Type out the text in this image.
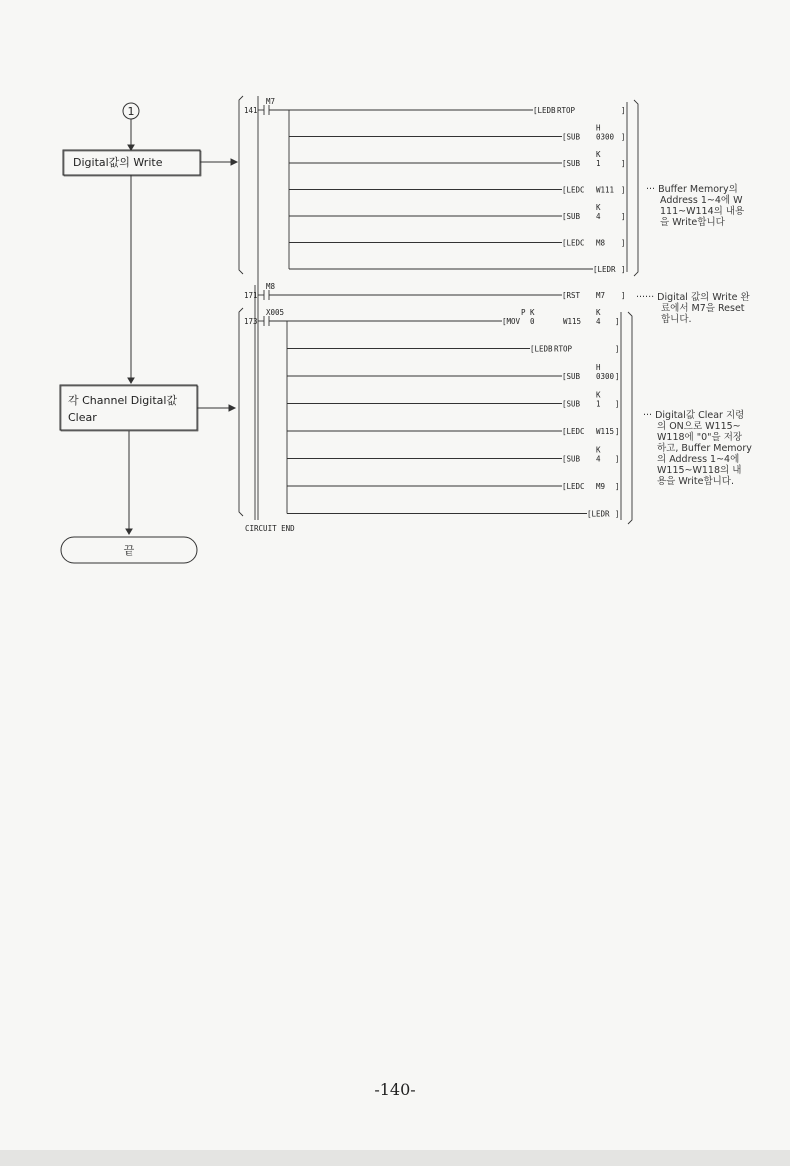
1
Digital값의 Write
각 Channel Digital값
Clear
끝
141
M7
[LEDB RTOP	]
[SUB
H
0300 ]
[SUB
K
1	]
[LEDC W111 ]
[SUB
K
4	]
[LEDC M8 ]
[LEDR ]
171
M8
[RST M7 ]
173
X005
[MOV
P K
0	W115
K
4 ]
[LEDB RTOP	]
[SUB
H
0300 ]
[SUB
K
1 ]
[LEDC W115 ]
[SUB
K
4 ]
[LEDC M9 ]
[LEDR ]
CIRCUIT END
··· Buffer Memory의
Address 1~4에 W
111~W114의 내용
을 Write합니다
······ Digital 값의 Write 완
료에서 M7을 Reset
합니다.
··· Digital값 Clear 지령
의 ON으로 W115~
W118에 "0"을 저장
하고, Buffer Memory
의 Address 1~4에
W115~W118의 내
용을 Write합니다.
-140-
